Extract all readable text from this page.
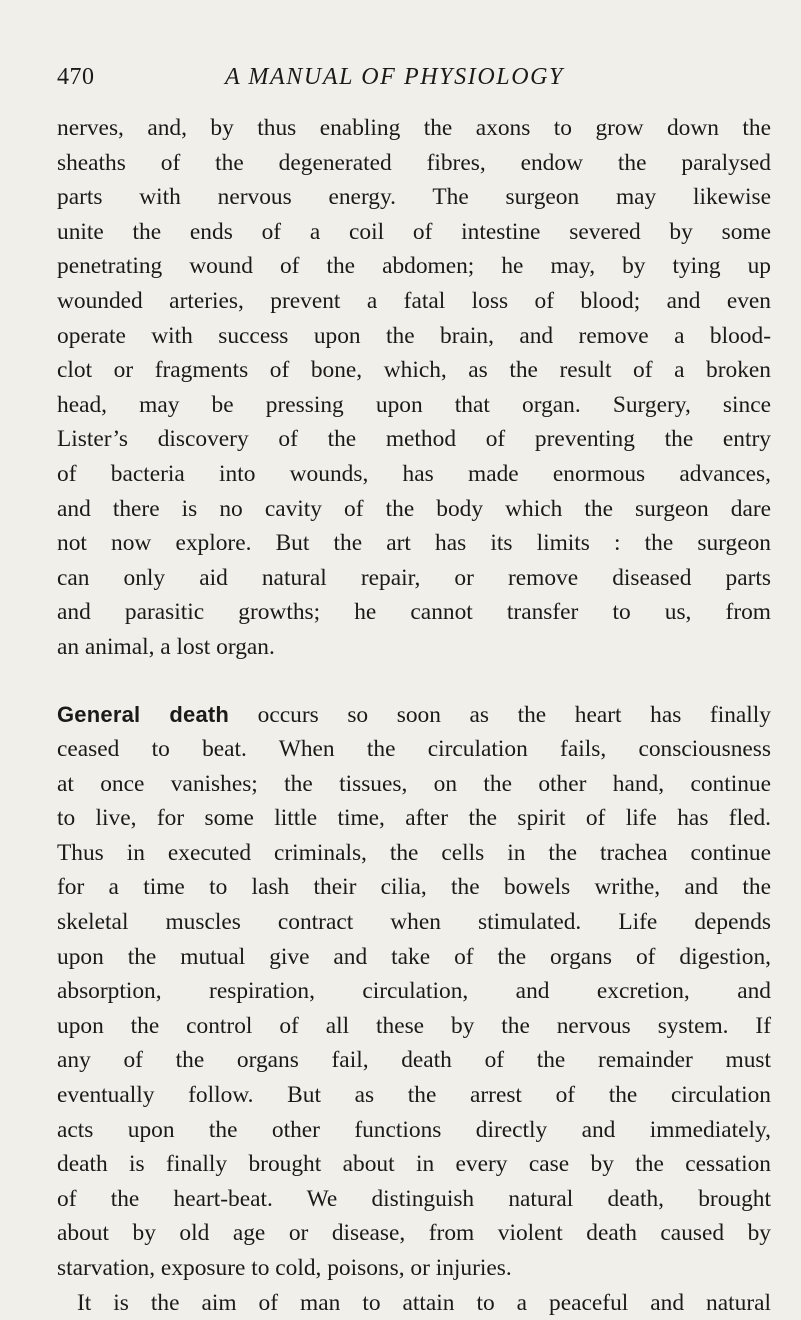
470	A MANUAL OF PHYSIOLOGY
nerves, and, by thus enabling the axons to grow down the
sheaths of the degenerated fibres, endow the paralysed
parts with nervous energy. The surgeon may likewise
unite the ends of a coil of intestine severed by some
penetrating wound of the abdomen; he may, by tying up
wounded arteries, prevent a fatal loss of blood; and even
operate with success upon the brain, and remove a blood-
clot or fragments of bone, which, as the result of a broken
head, may be pressing upon that organ. Surgery, since
Lister’s discovery of the method of preventing the entry
of bacteria into wounds, has made enormous advances,
and there is no cavity of the body which the surgeon dare
not now explore. But the art has its limits : the surgeon
can only aid natural repair, or remove diseased parts
and parasitic growths; he cannot transfer to us, from
an animal, a lost organ.
General death occurs so soon as the heart has finally
ceased to beat. When the circulation fails, consciousness
at once vanishes; the tissues, on the other hand, continue
to live, for some little time, after the spirit of life has fled.
Thus in executed criminals, the cells in the trachea continue
for a time to lash their cilia, the bowels writhe, and the
skeletal muscles contract when stimulated. Life depends
upon the mutual give and take of the organs of digestion,
absorption, respiration, circulation, and excretion, and
upon the control of all these by the nervous system. If
any of the organs fail, death of the remainder must
eventually follow. But as the arrest of the circulation
acts upon the other functions directly and immediately,
death is finally brought about in every case by the cessation
of the heart-beat. We distinguish natural death, brought
about by old age or disease, from violent death caused by
starvation, exposure to cold, poisons, or injuries.
It is the aim of man to attain to a peaceful and natural
